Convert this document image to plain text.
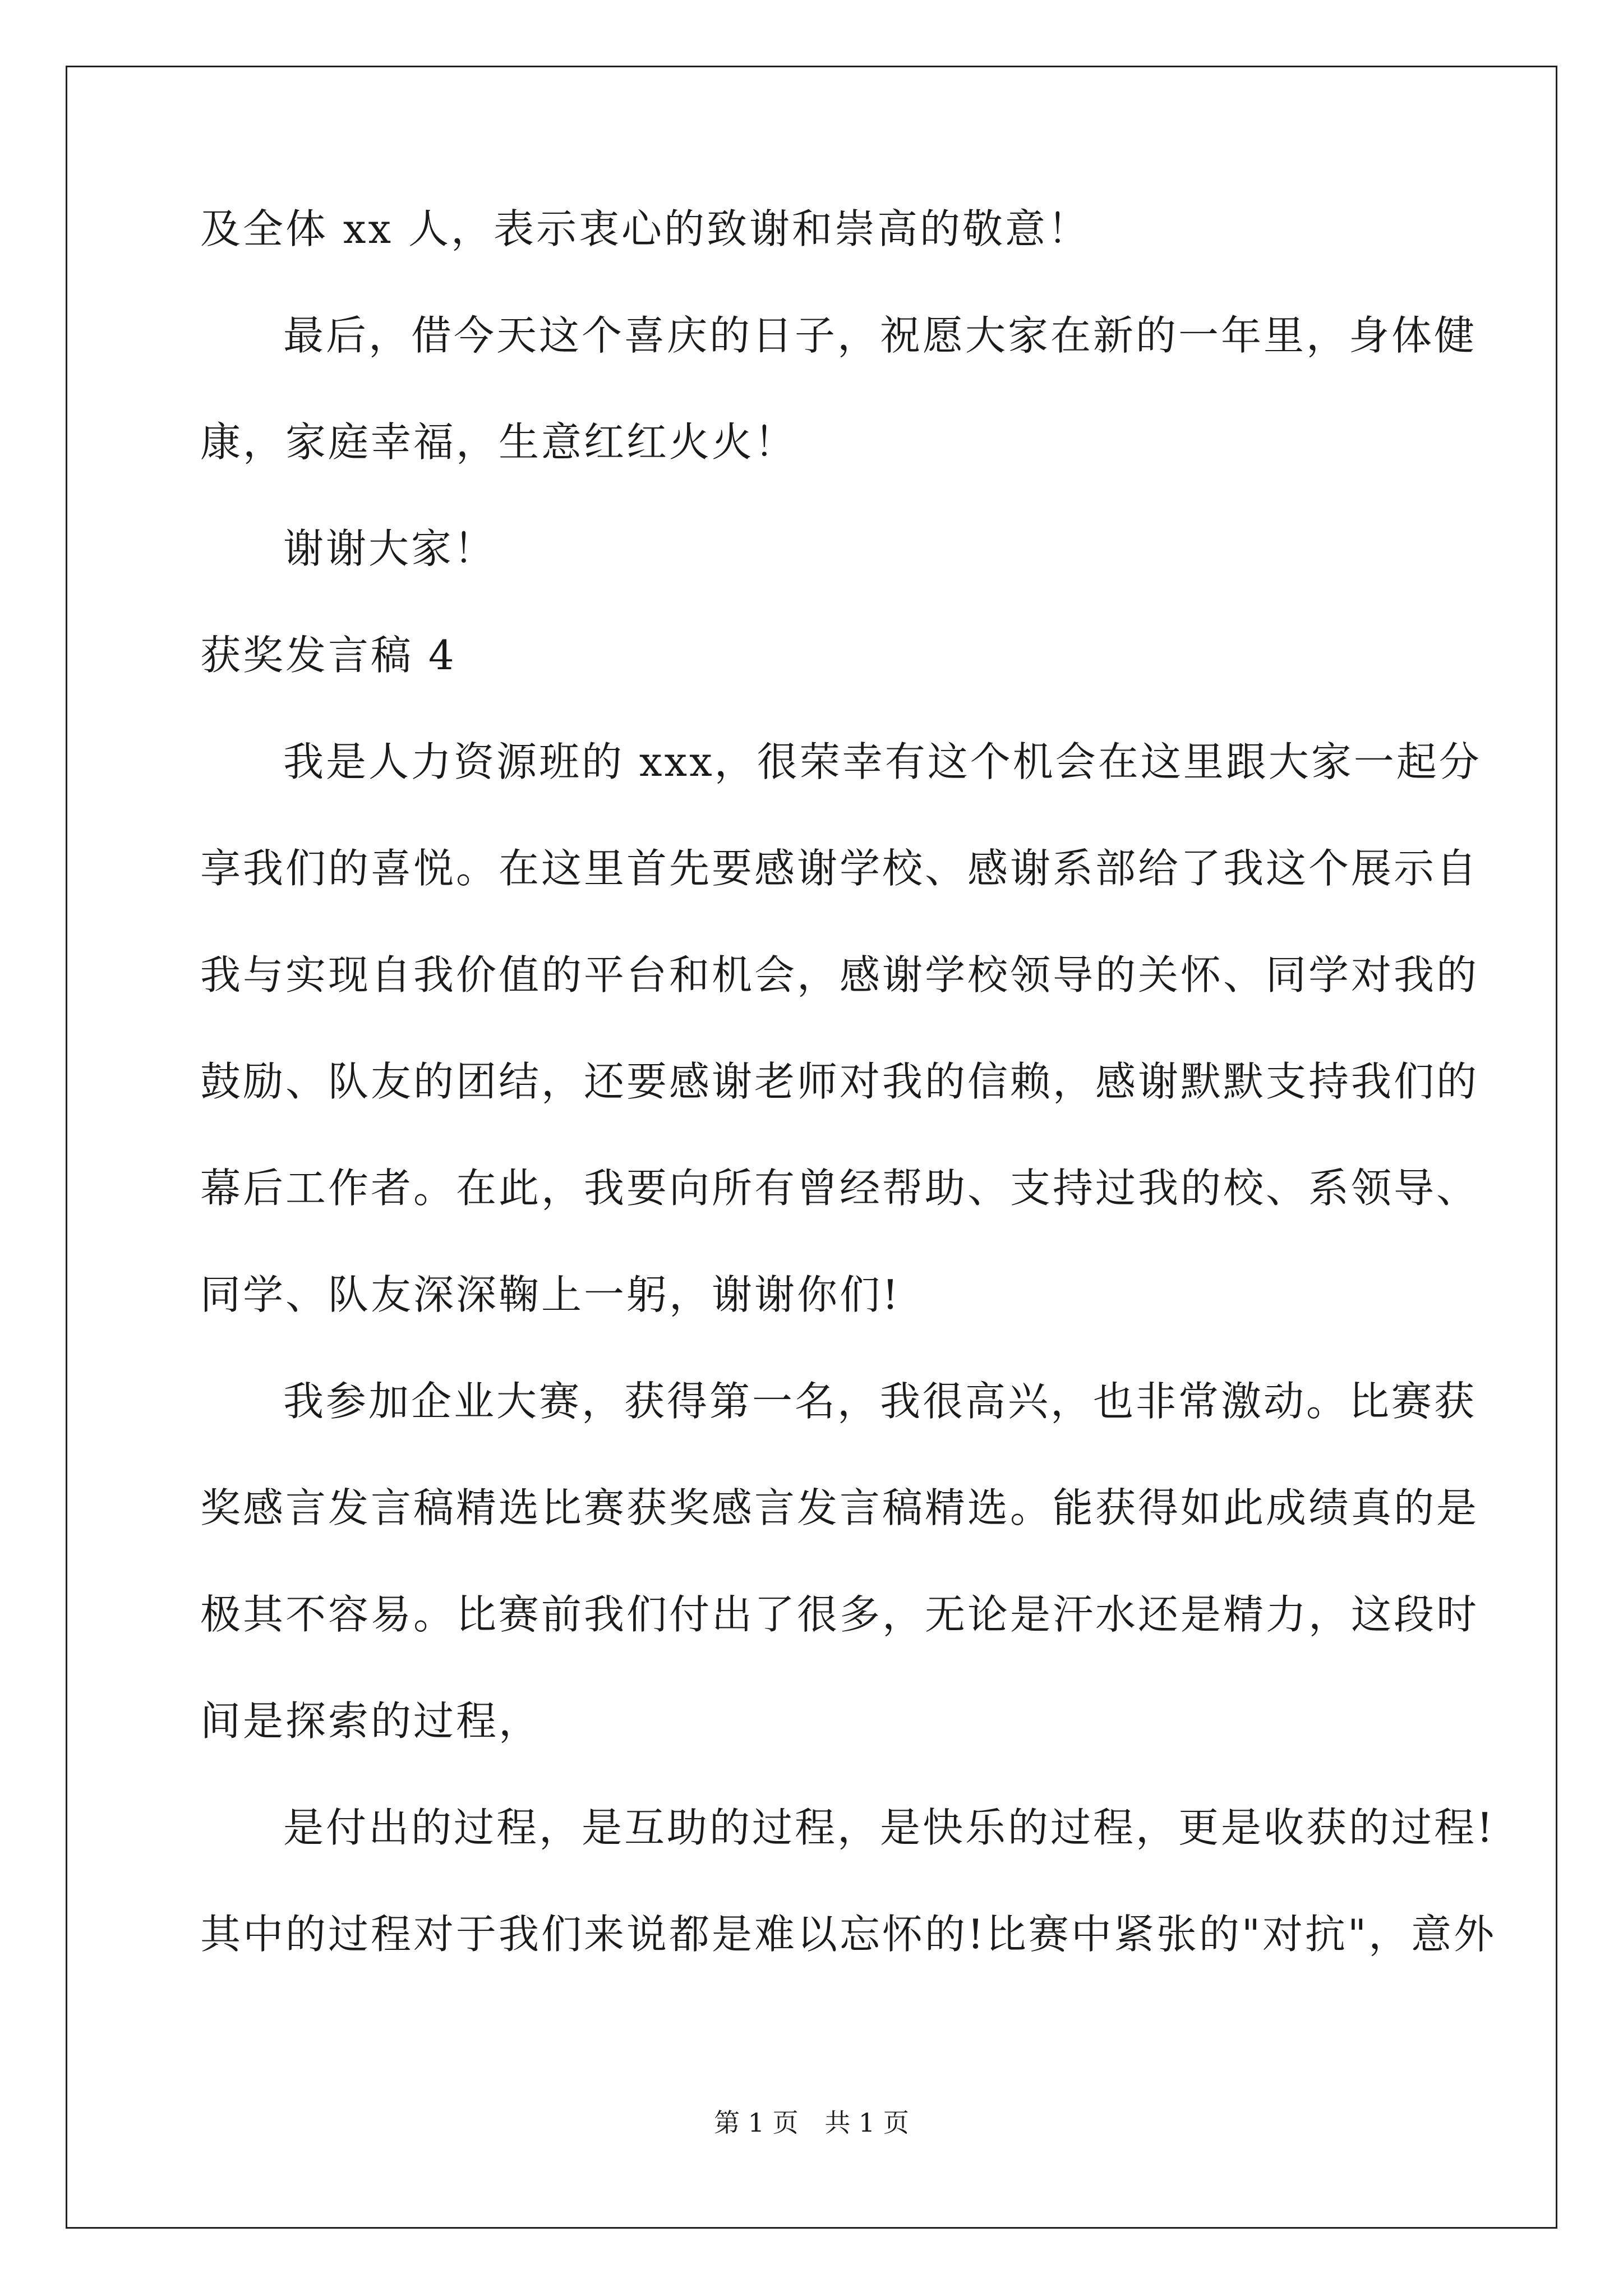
及全体 xx 人，表示衷心的致谢和崇高的敬意！
最后，借今天这个喜庆的日子，祝愿大家在新的一年里，身体健
康，家庭幸福，生意红红火火！
谢谢大家！
获奖发言稿 4
我是人力资源班的 xxx，很荣幸有这个机会在这里跟大家一起分
享我们的喜悦。在这里首先要感谢学校、感谢系部给了我这个展示自
我与实现自我价值的平台和机会，感谢学校领导的关怀、同学对我的
鼓励、队友的团结，还要感谢老师对我的信赖，感谢默默支持我们的
幕后工作者。在此，我要向所有曾经帮助、支持过我的校、系领导、
同学、队友深深鞠上一躬，谢谢你们!
我参加企业大赛，获得第一名，我很高兴，也非常激动。比赛获
奖感言发言稿精选比赛获奖感言发言稿精选。能获得如此成绩真的是
极其不容易。比赛前我们付出了很多，无论是汗水还是精力，这段时
间是探索的过程，
是付出的过程，是互助的过程，是快乐的过程，更是收获的过程!
其中的过程对于我们来说都是难以忘怀的!比赛中紧张的"对抗"，意外
第 1 页 共 1 页
